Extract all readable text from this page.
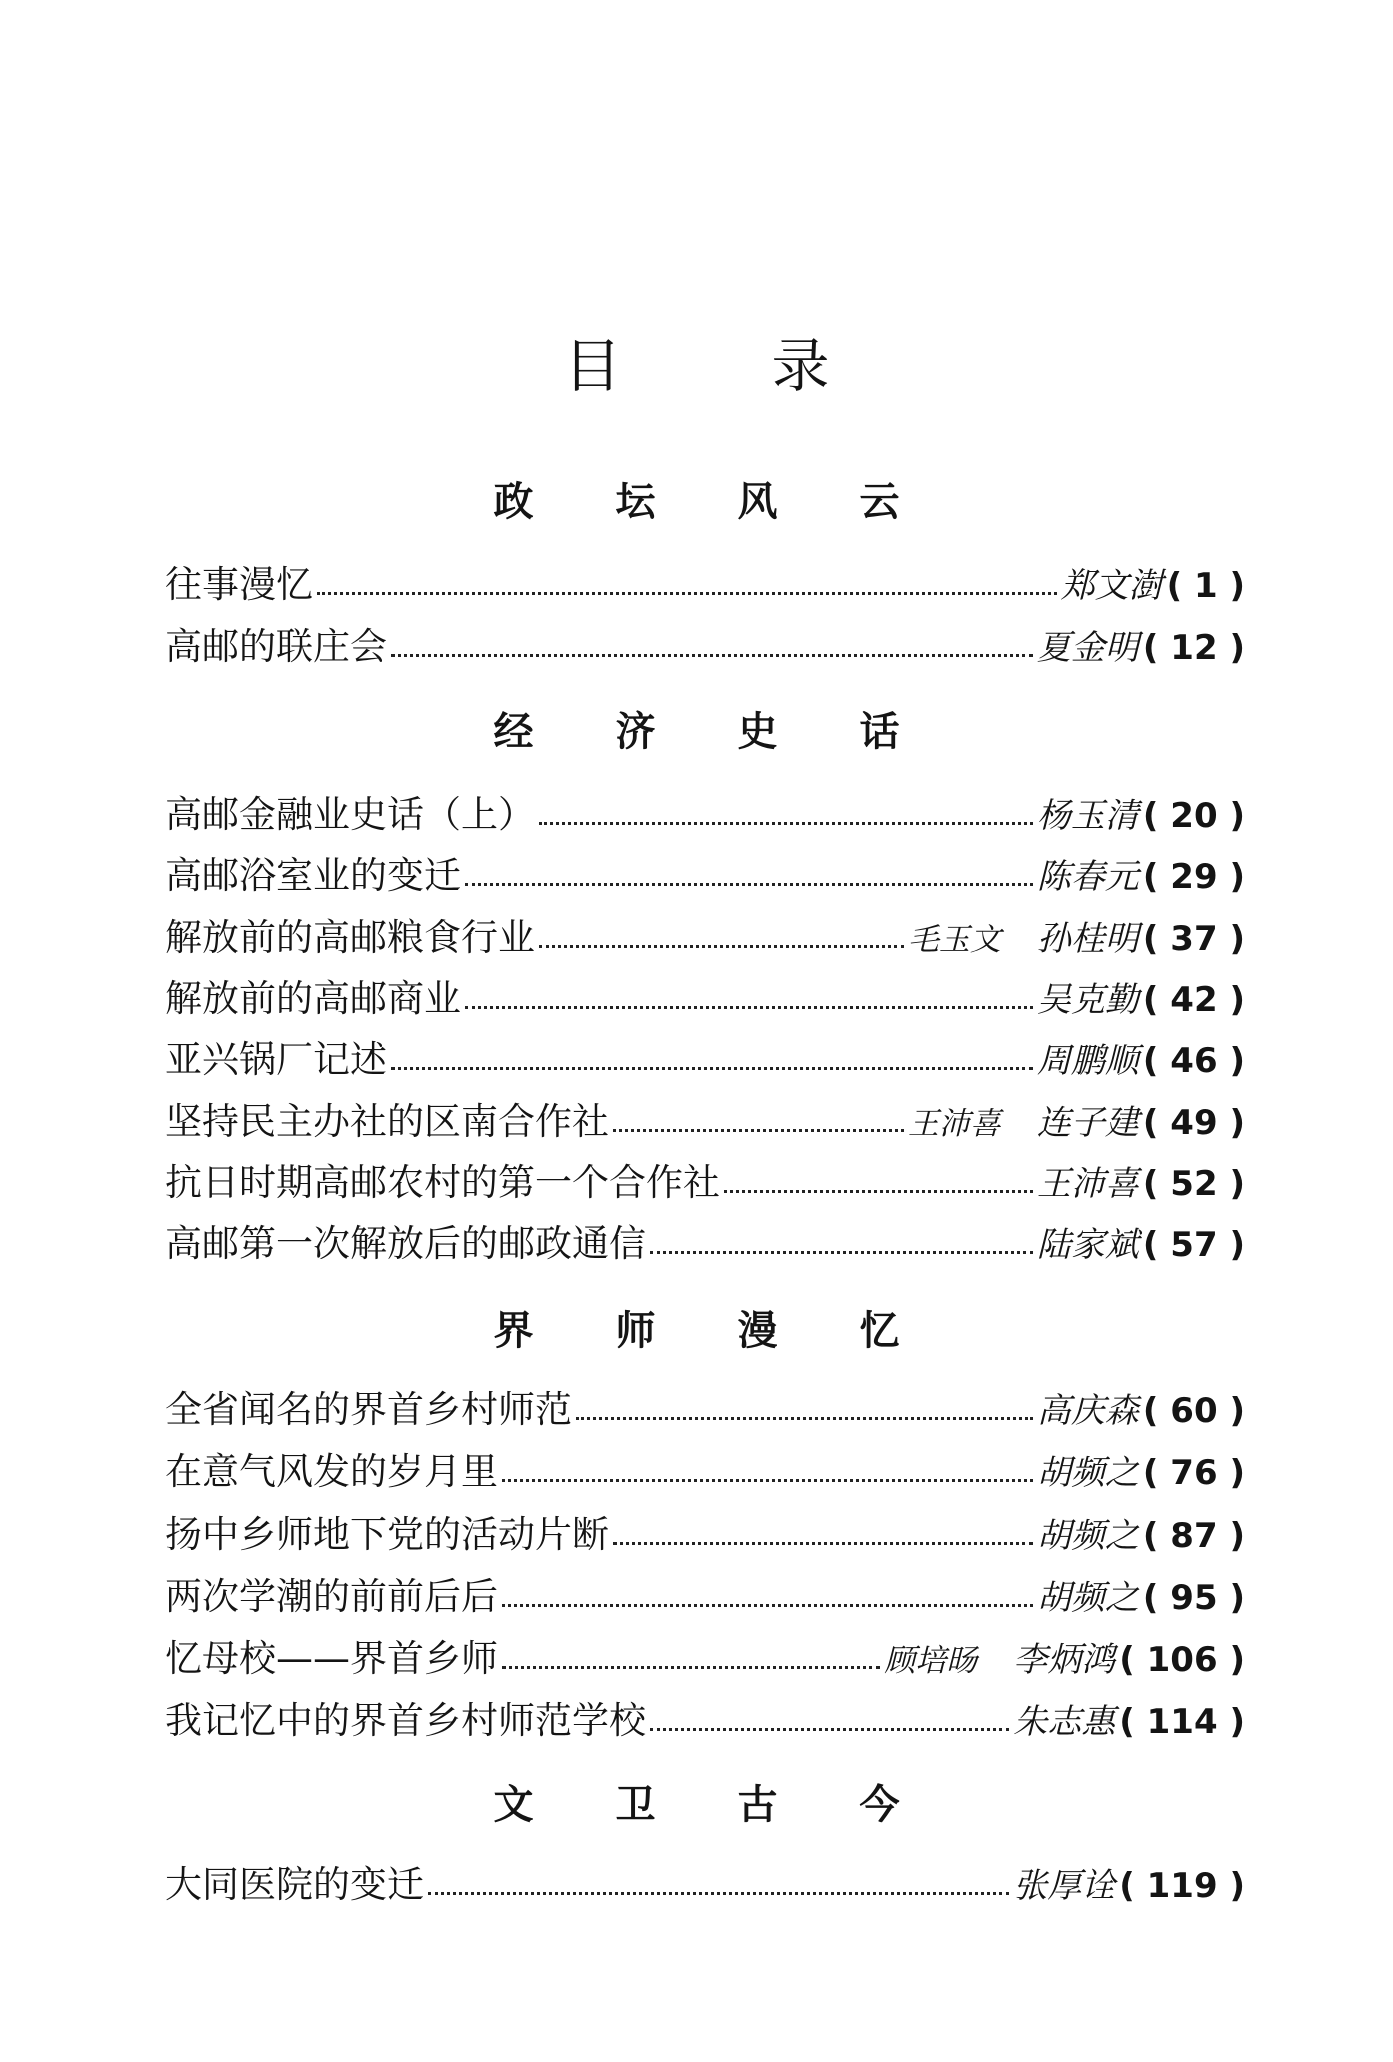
目	录
政 坛 风 云
往事漫忆	郑文澍 ( 1 )
高邮的联庄会	夏金明 ( 12 )
经 济 史 话
高邮金融业史话（上）	杨玉清 ( 20 )
高邮浴室业的变迁	陈春元 ( 29 )
解放前的高邮粮食行业	毛玉文 孙桂明 ( 37 )
解放前的高邮商业	吴克勤 ( 42 )
亚兴锅厂记述	周鹏顺 ( 46 )
坚持民主办社的区南合作社	王沛喜 连子建 ( 49 )
抗日时期高邮农村的第一个合作社	王沛喜 ( 52 )
高邮第一次解放后的邮政通信	陆家斌 ( 57 )
界 师 漫 忆
全省闻名的界首乡村师范	高庆森 ( 60 )
在意气风发的岁月里	胡频之 ( 76 )
扬中乡师地下党的活动片断	胡频之 ( 87 )
两次学潮的前前后后	胡频之 ( 95 )
忆母校——界首乡师	顾培旸 李炳鸿 ( 106 )
我记忆中的界首乡村师范学校	朱志惠 ( 114 )
文 卫 古 今
大同医院的变迁	张厚诠 ( 119 )
